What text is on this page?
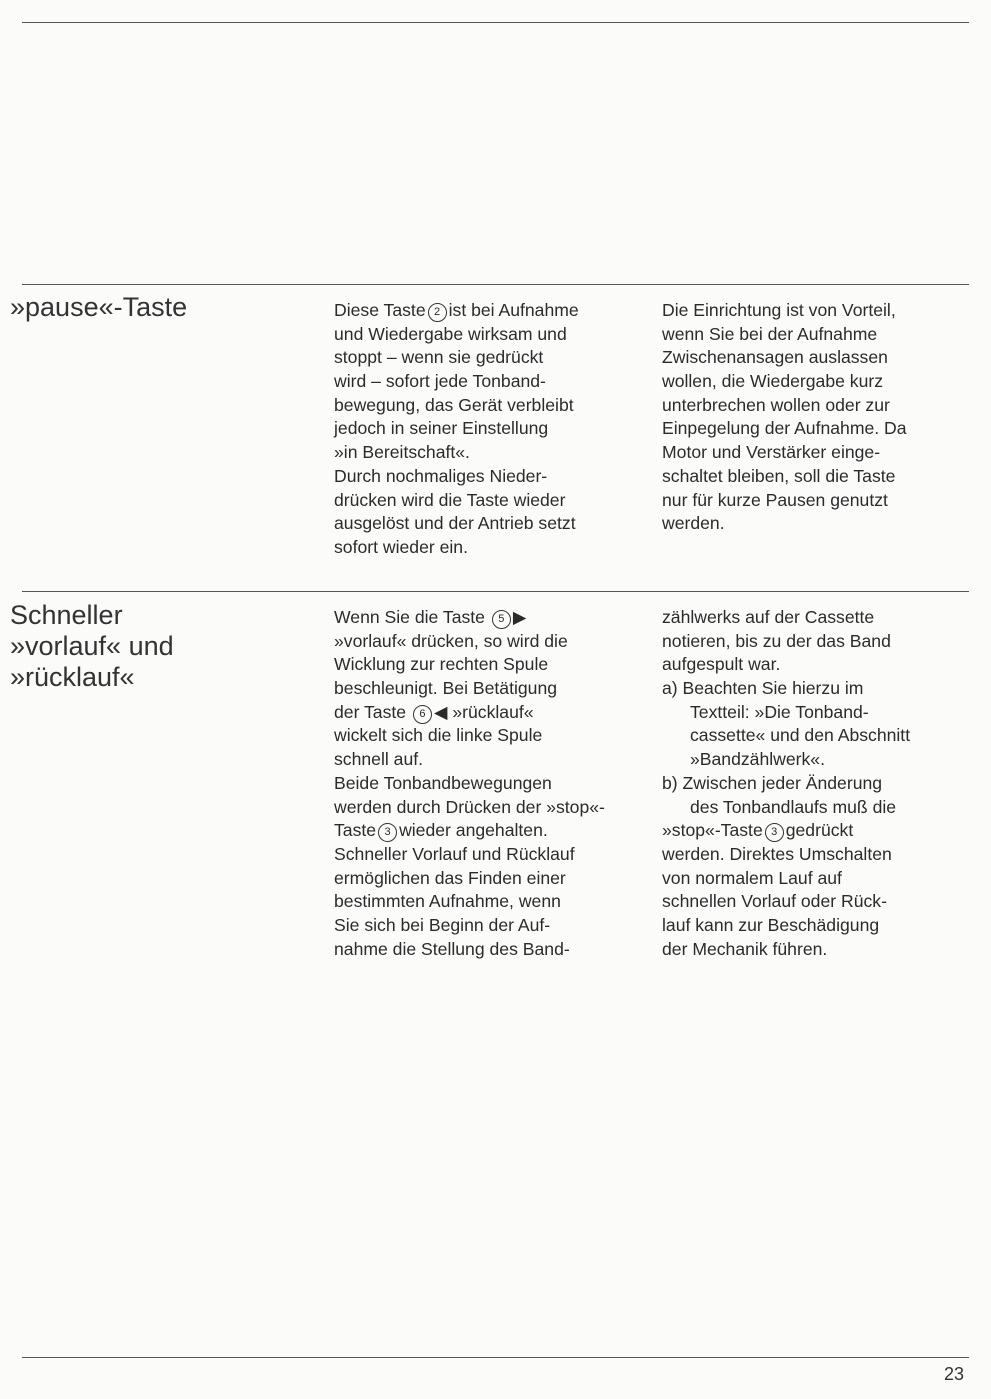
»pause«-Taste	Diese Taste 2 ist bei Aufnahme
und Wiedergabe wirksam und
stoppt – wenn sie gedrückt
wird – sofort jede Tonband-
bewegung, das Gerät verbleibt
jedoch in seiner Einstellung
»in Bereitschaft«.
Durch nochmaliges Nieder-
drücken wird die Taste wieder
ausgelöst und der Antrieb setzt
sofort wieder ein.
Die Einrichtung ist von Vorteil,
wenn Sie bei der Aufnahme
Zwischenansagen auslassen
wollen, die Wiedergabe kurz
unterbrechen wollen oder zur
Einpegelung der Aufnahme. Da
Motor und Verstärker einge-
schaltet bleiben, soll die Taste
nur für kurze Pausen genutzt
werden.
Schneller
»vorlauf« und
»rücklauf«
Wenn Sie die Taste 5 ▶
»vorlauf« drücken, so wird die
Wicklung zur rechten Spule
beschleunigt. Bei Betätigung
der Taste 6 ◀ »rücklauf«
wickelt sich die linke Spule
schnell auf.
Beide Tonbandbewegungen
werden durch Drücken der »stop«-
Taste 3 wieder angehalten.
Schneller Vorlauf und Rücklauf
ermöglichen das Finden einer
bestimmten Aufnahme, wenn
Sie sich bei Beginn der Auf-
nahme die Stellung des Band-
zählwerks auf der Cassette
notieren, bis zu der das Band
aufgespult war.
a) Beachten Sie hierzu im
Textteil: »Die Tonband-
cassette« und den Abschnitt
»Bandzählwerk«.
b) Zwischen jeder Änderung
des Tonbandlaufs muß die
»stop«-Taste 3 gedrückt
werden. Direktes Umschalten
von normalem Lauf auf
schnellen Vorlauf oder Rück-
lauf kann zur Beschädigung
der Mechanik führen.
23
